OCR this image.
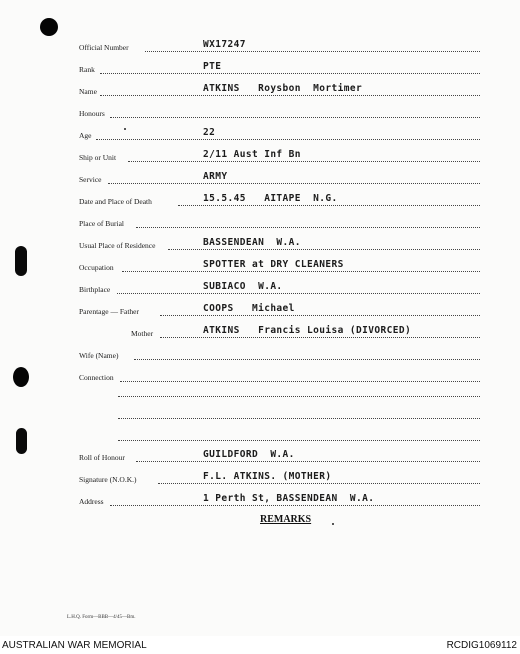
Official Number	WX17247
Rank	PTE
Name	ATKINS   Roysbon  Mortimer
Honours
Age	22
Ship or Unit	2/11 Aust Inf Bn
Service	ARMY
Date and Place of Death	15.5.45   AITAPE  N.G.
Place of Burial
Usual Place of Residence	BASSENDEAN  W.A.
Occupation	SPOTTER at DRY CLEANERS
Birthplace	SUBIACO  W.A.
Parentage — Father	COOPS   Michael
Mother	ATKINS   Francis Louisa (DIVORCED)
Wife (Name)
Connection
Roll of Honour	GUILDFORD  W.A.
Signature (N.O.K.)	F.L. ATKINS. (MOTHER)
Address	1 Perth St, BASSENDEAN  W.A.
REMARKS
L.H.Q. Form—BBB—4/45—Bm.
AUSTRALIAN WAR MEMORIAL	RCDIG1069112
